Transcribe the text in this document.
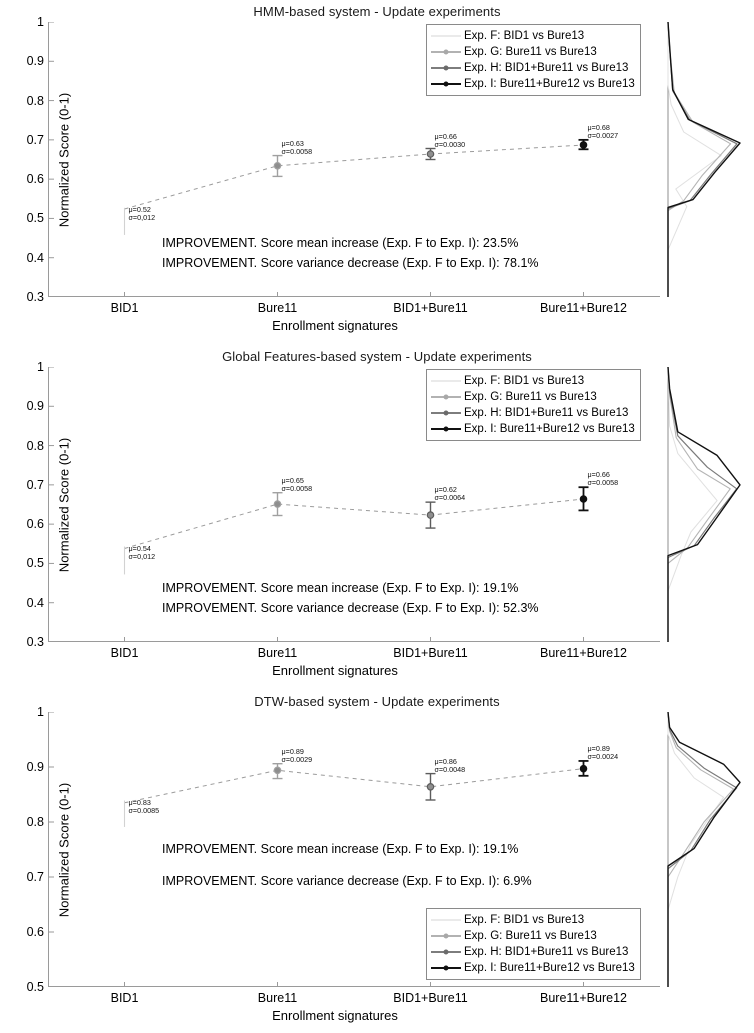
HMM-based system - Update experiments
Normalized Score (0-1)
0.3
0.4
0.5
0.6
0.7
0.8
0.9
1
BID1	Bure11	BID1+Bure11	Bure11+Bure12
μ=0.52
σ=0,012
μ=0.63
σ=0.0058
μ=0.66
σ=0.0030
μ=0.68
σ=0.0027
Enrollment signatures
Exp. F: BID1 vs Bure13
Exp. G: Bure11 vs Bure13
Exp. H: BID1+Bure11 vs Bure13
Exp. I: Bure11+Bure12 vs Bure13
IMPROVEMENT. Score mean increase (Exp. F to Exp. I): 23.5%
IMPROVEMENT. Score variance decrease (Exp. F to Exp. I): 78.1%
Global Features-based system - Update experiments
Normalized Score (0-1)
0.3
0.4
0.5
0.6
0.7
0.8
0.9
1
BID1	Bure11	BID1+Bure11	Bure11+Bure12
μ=0.54
σ=0,012
μ=0.65
σ=0.0058	μ=0.62
σ=0.0064
μ=0.66
σ=0.0058
Enrollment signatures
Exp. F: BID1 vs Bure13
Exp. G: Bure11 vs Bure13
Exp. H: BID1+Bure11 vs Bure13
Exp. I: Bure11+Bure12 vs Bure13
IMPROVEMENT. Score mean increase (Exp. F to Exp. I): 19.1%
IMPROVEMENT. Score variance decrease (Exp. F to Exp. I): 52.3%
DTW-based system - Update experiments
Normalized Score (0-1)
0.5
0.6
0.7
0.8
0.9
1
BID1	Bure11	BID1+Bure11	Bure11+Bure12
μ=0.83
σ=0.0085
μ=0.89
σ=0.0029	μ=0.86
σ=0.0048
μ=0.89
σ=0.0024
Enrollment signatures
Exp. F: BID1 vs Bure13
Exp. G: Bure11 vs Bure13
Exp. H: BID1+Bure11 vs Bure13
Exp. I: Bure11+Bure12 vs Bure13
IMPROVEMENT. Score mean increase (Exp. F to Exp. I): 19.1%
IMPROVEMENT. Score variance decrease (Exp. F to Exp. I): 6.9%
